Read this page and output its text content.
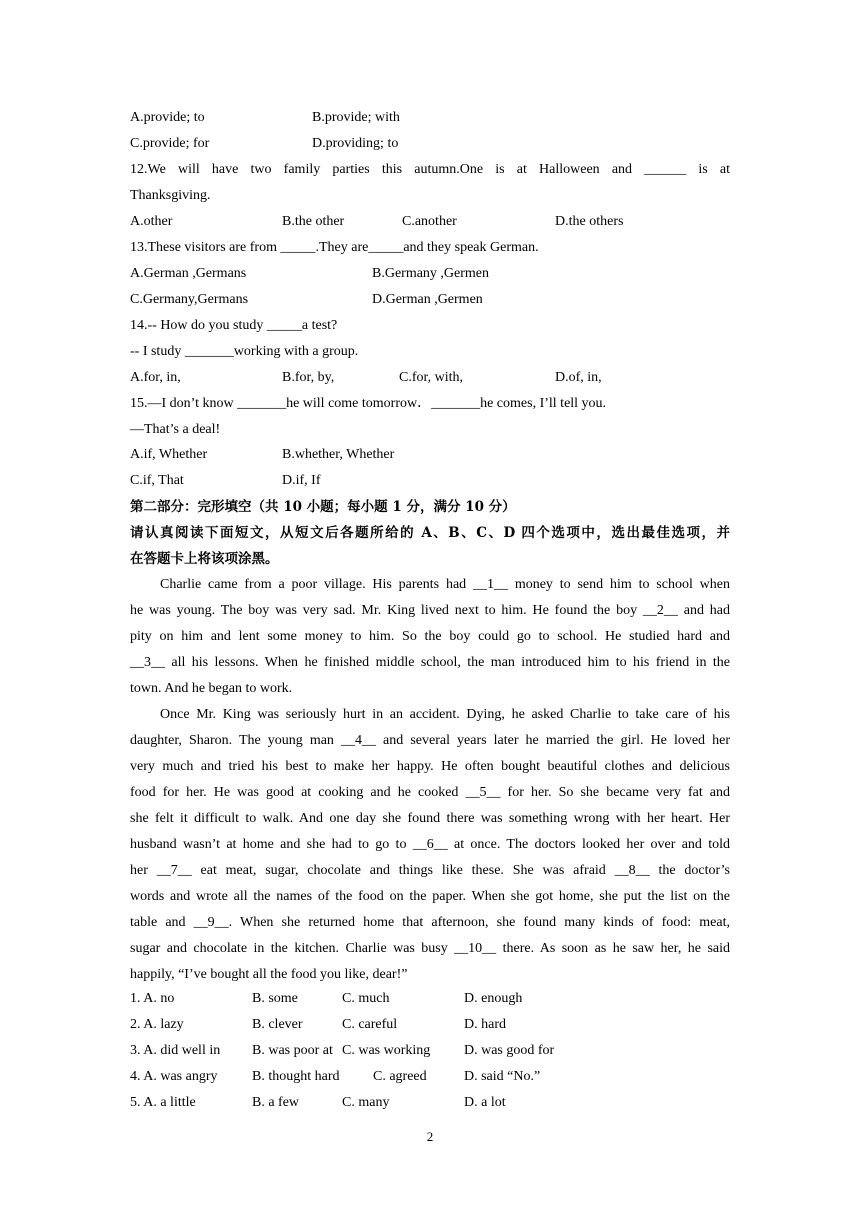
A.provide; to	B.provide; with
C.provide; for	D.providing; to
12.We will have two family parties this autumn.One is at Halloween and ______ is at
Thanksgiving.
A.other	B.the other	C.another	D.the others
13.These visitors are from _____.They are_____and they speak German.
A.German ,Germans	B.Germany ,Germen
C.Germany,Germans	D.German ,Germen
14.-- How do you study _____a test?
-- I study _______working with a group.
A.for, in,	B.for, by,	C.for, with,	D.of, in,
15.—I don’t know _______he will come tomorrow．_______he comes, I’ll tell you.
—That’s a deal!
A.if, Whether	B.whether, Whether
C.if, That	D.if, If
第二部分：完形填空（共 10 小题；每小题 1 分，满分 10 分）
请认真阅读下面短文，从短文后各题所给的 A、B、C、D 四个选项中，选出最佳选项，并
在答题卡上将该项涂黑。
Charlie came from a poor village. His parents had __1__ money to send him to school when
he was young. The boy was very sad. Mr. King lived next to him. He found the boy __2__ and had
pity on him and lent some money to him. So the boy could go to school. He studied hard and
__3__ all his lessons. When he finished middle school, the man introduced him to his friend in the
town. And he began to work.
Once Mr. King was seriously hurt in an accident. Dying, he asked Charlie to take care of his
daughter, Sharon. The young man __4__ and several years later he married the girl. He loved her
very much and tried his best to make her happy. He often bought beautiful clothes and delicious
food for her. He was good at cooking and he cooked __5__ for her. So she became very fat and
she felt it difficult to walk. And one day she found there was something wrong with her heart. Her
husband wasn’t at home and she had to go to __6__ at once. The doctors looked her over and told
her __7__ eat meat, sugar, chocolate and things like these. She was afraid __8__ the doctor’s
words and wrote all the names of the food on the paper. When she got home, she put the list on the
table and __9__. When she returned home that afternoon, she found many kinds of food: meat,
sugar and chocolate in the kitchen. Charlie was busy __10__ there. As soon as he saw her, he said
happily, “I’ve bought all the food you like, dear!”
1. A. no	B. some	C. much	D. enough
2. A. lazy	B. clever	C. careful	D. hard
3. A. did well in B. was poor at C. was working D. was good for
4. A. was angry B. thought hard C. agreed	D. said “No.”
5. A. a little	B. a few	C. many	D. a lot
2
